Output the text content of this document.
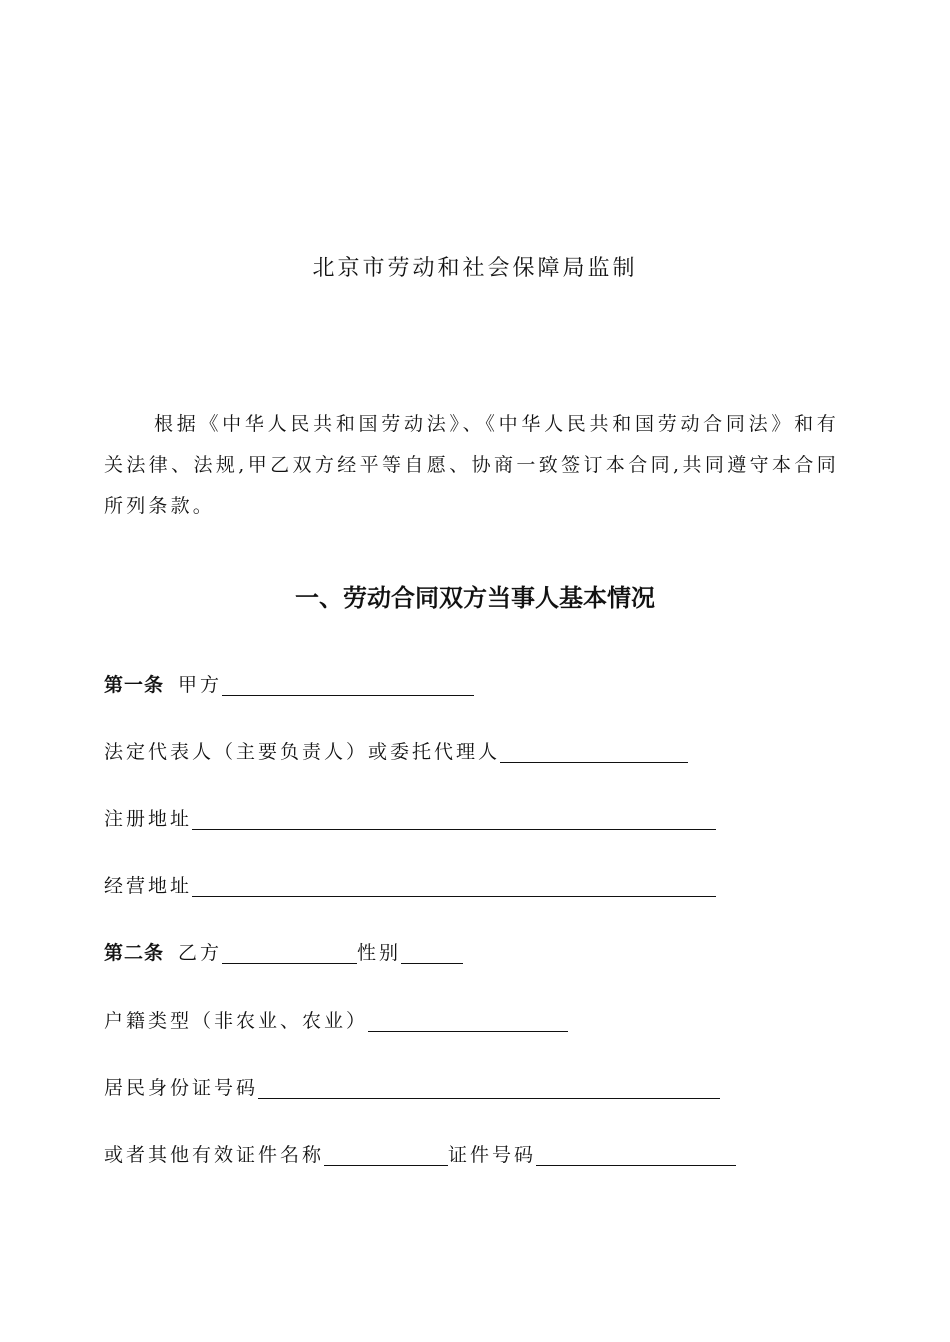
北京市劳动和社会保障局监制

根据《中华人民共和国劳动法》、《中华人民共和国劳动合同法》和有关法律、法规,甲乙双方经平等自愿、协商一致签订本合同,共同遵守本合同所列条款。

一、劳动合同双方当事人基本情况
第一条 甲方
法定代表人（主要负责人）或委托代理人
注册地址
经营地址
第二条 乙方	性别
户籍类型（非农业、农业）
居民身份证号码
或者其他有效证件名称	证件号码
